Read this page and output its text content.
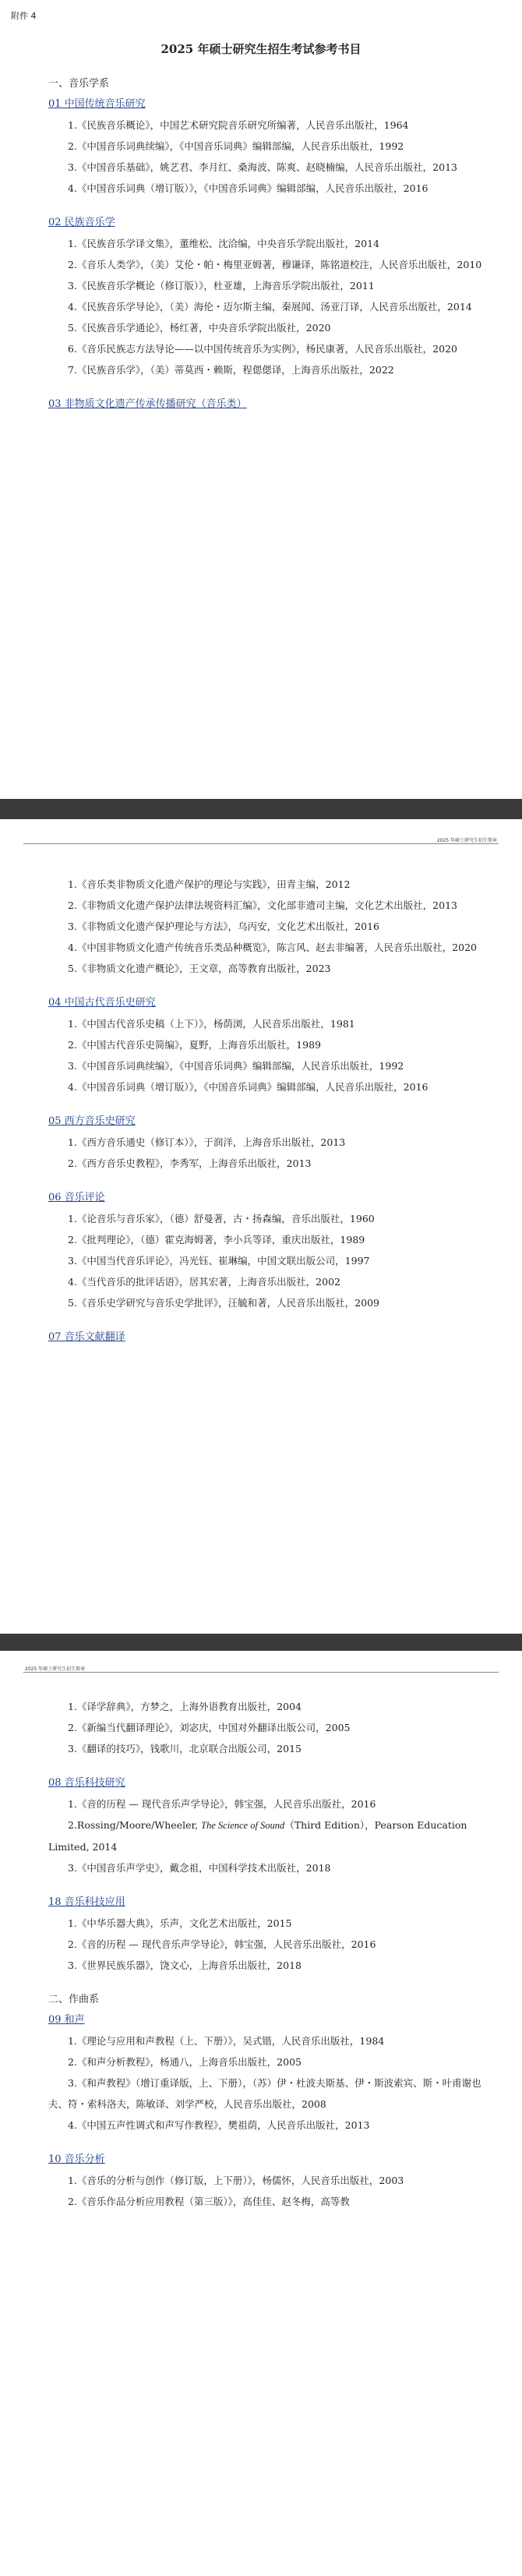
附件 4
2025 年硕士研究生招生考试参考书目
一、音乐学系
01 中国传统音乐研究

1.《民族音乐概论》，中国艺术研究院音乐研究所编著，人民音乐出版社，1964

2.《中国音乐词典续编》，《中国音乐词典》编辑部编，人民音乐出版社，1992

3.《中国音乐基础》，姚艺君、李月红、桑海波、陈爽、赵晓楠编，人民音乐出版社，2013

4.《中国音乐词典（增订版）》，《中国音乐词典》编辑部编，人民音乐出版社，2016

02 民族音乐学

1.《民族音乐学译文集》，董维松、沈洽编，中央音乐学院出版社，2014

2.《音乐人类学》，（美）艾伦・帕・梅里亚姆著，穆谦译，陈铭道校注，人民音乐出版社，2010

3.《民族音乐学概论（修订版）》，杜亚雄，上海音乐学院出版社，2011

4.《民族音乐学导论》，（美）海伦・迈尔斯主编，秦展闻、汤亚汀译，人民音乐出版社，2014

5.《民族音乐学通论》，杨红著，中央音乐学院出版社，2020

6.《音乐民族志方法导论——以中国传统音乐为实例》，杨民康著，人民音乐出版社，2020

7.《民族音乐学》，（美）蒂莫西・赖斯，程偲偲译，上海音乐出版社，2022

03 非物质文化遗产传承传播研究（音乐类）
2025 年硕士研究生招生简章

1.《音乐类非物质文化遗产保护的理论与实践》，田青主编，2012

2.《非物质文化遗产保护法律法规资料汇编》，文化部非遗司主编，文化艺术出版社，2013

3.《非物质文化遗产保护理论与方法》，乌丙安，文化艺术出版社，2016

4.《中国非物质文化遗产传统音乐类品种概览》，陈言风、赵去非编著，人民音乐出版社，2020

5.《非物质文化遗产概论》，王文章，高等教育出版社，2023

04 中国古代音乐史研究

1.《中国古代音乐史稿（上下）》，杨荫浏，人民音乐出版社，1981

2.《中国古代音乐史简编》，夏野，上海音乐出版社，1989

3.《中国音乐词典续编》，《中国音乐词典》编辑部编，人民音乐出版社，1992

4.《中国音乐词典（增订版）》，《中国音乐词典》编辑部编，人民音乐出版社，2016

05 西方音乐史研究

1.《西方音乐通史（修订本）》，于润洋，上海音乐出版社，2013

2.《西方音乐史教程》，李秀军，上海音乐出版社，2013

06 音乐评论

1.《论音乐与音乐家》，（德）舒曼著，古・扬森编，音乐出版社，1960

2.《批判理论》，（德）霍克海姆著，李小兵等译，重庆出版社，1989

3.《中国当代音乐评论》，冯光钰、崔琳编，中国文联出版公司，1997

4.《当代音乐的批评话语》，居其宏著，上海音乐出版社，2002

5.《音乐史学研究与音乐史学批评》，汪毓和著，人民音乐出版社，2009

07 音乐文献翻译
2025 年硕士研究生招生简章

1.《译学辞典》，方梦之，上海外语教育出版社，2004

2.《新编当代翻译理论》，刘宓庆，中国对外翻译出版公司，2005

3.《翻译的技巧》，钱歌川，北京联合出版公司，2015

08 音乐科技研究

1.《音的历程 — 现代音乐声学导论》，韩宝强，人民音乐出版社，2016

2.Rossing/Moore/Wheeler, The Science of Sound（Third Edition），Pearson Education Limited, 2014

3.《中国音乐声学史》，戴念祖，中国科学技术出版社，2018

18 音乐科技应用

1.《中华乐器大典》，乐声，文化艺术出版社，2015

2.《音的历程 — 现代音乐声学导论》，韩宝强，人民音乐出版社，2016

3.《世界民族乐器》，饶文心，上海音乐出版社，2018

二、作曲系
09 和声

1.《理论与应用和声教程（上、下册）》，吴式锴，人民音乐出版社，1984

2.《和声分析教程》，杨通八，上海音乐出版社，2005

3.《和声教程》（增订重译版，上、下册），（苏）伊・杜波夫斯基、伊・斯波索宾、斯・叶甫谢也夫、符・索科洛夫，陈敏译、刘学严校，人民音乐出版社，2008

4.《中国五声性调式和声写作教程》，樊祖荫，人民音乐出版社，2013

10 音乐分析

1.《音乐的分析与创作（修订版，上下册）》，杨儒怀，人民音乐出版社，2003

2.《音乐作品分析应用教程（第三版）》，高佳佳、赵冬梅，高等教
